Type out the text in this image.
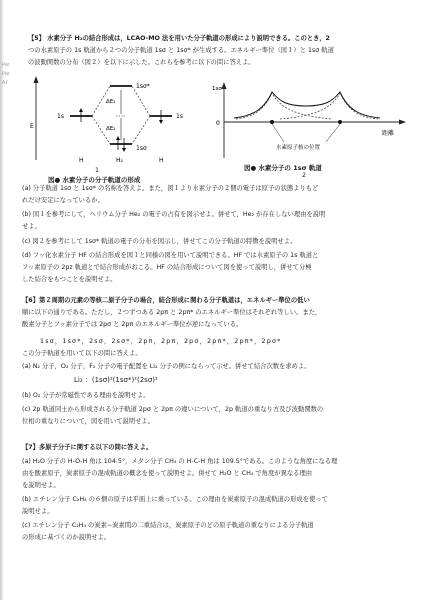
He
He
Ar
【5】 水素分子 H₂の結合形成は，LCAO-MO 法を用いた分子軌道の形成により説明できる。このとき，2
つの水素原子の 1s 軌道から２つの分子軌道 1sσ と 1sσ* が生成する。エネルギー準位（図１）と 1sσ 軌道
の波動関数の分布（図２）を以下に示した。これらを参考に以下の問に答えよ。
E
1s	1s
1sσ*
1sσ
ΔE₁
ΔE₂
H	H₂	H
1
図● 水素分子の分子軌道の形成
1sσ
0
距離
水素原子核の位置
図● 水素分子の 1sσ 軌道
2
(a) 分子軌道 1sσ と 1sσ* の名称を答えよ。また，図１より水素分子の２個の電子は原子の状態よりもど
れだけ安定になっているか。
(b) 図１を参考にして，ヘリウム分子 He₂ の電子の占有を図示せよ。併せて，He₂ が存在しない理由を説明
せよ。
(c) 図２を参考にして 1sσ* 軌道の電子の分布を図示し，併せてこの分子軌道の特徴を説明せよ。
(d) フッ化水素分子 HF の結合形成を図１と同様の図を用いて説明できる。HF では水素原子の 1s 軌道と
フッ素原子の 2pz 軌道とで結合形成がおこる。HF の結合形成について図を使って説明し，併せて分極
した結合をもつことを説明せよ。
【6】第２周期の元素の等核二原子分子の場合，結合形成に関わる分子軌道は，エネルギー準位の低い
順に以下の通りである。ただし，２つずつある 2pπ と 2pπ* のエネルギー準位はそれぞれ等しい。また，
酸素分子とフッ素分子では 2pσ と 2pπ のエネルギー準位が逆になっている。
1sσ，1sσ*，2sσ，2sσ*，2pπ，2pπ，2pσ，2pπ*，2pπ*，2pσ*
この分子軌道を用いて以下の問に答えよ。
(a) N₂ 分子，O₂ 分子，F₂ 分子の電子配置を Li₂ 分子の例にならって示せ。併せて結合次数を求めよ。
Li₂ ：(1sσ)²(1sσ*)²(2sσ)²
(b) O₂ 分子が常磁性である理由を説明せよ。
(c) 2p 軌道同士から形成される分子軌道 2pσ と 2pπ の違いについて，2p 軌道の重なり方及び波動関数の
位相の重なりについて，図を用いて説明せよ。
【7】多原子分子に関する以下の問に答えよ。
(a) H₂O 分子の H-O-H 角は 104.5°，メタン分子 CH₄ の H-C-H 角は 109.5°である。このような角度になる理
由を酸素原子，炭素原子の混成軌道の概念を使って説明せよ。併せて H₂O と CH₄ で角度が異なる理由
を説明せよ。
(b) エチレン分子 C₂H₄ の６個の原子は平面上に乗っている。この理由を炭素原子の混成軌道の形成を使って
説明せよ。
(c) エチレン分子 C₂H₄ の炭素−炭素間の二重結合は，炭素原子のどの原子軌道の重なりによる分子軌道
の形成に基づくのか説明せよ。
